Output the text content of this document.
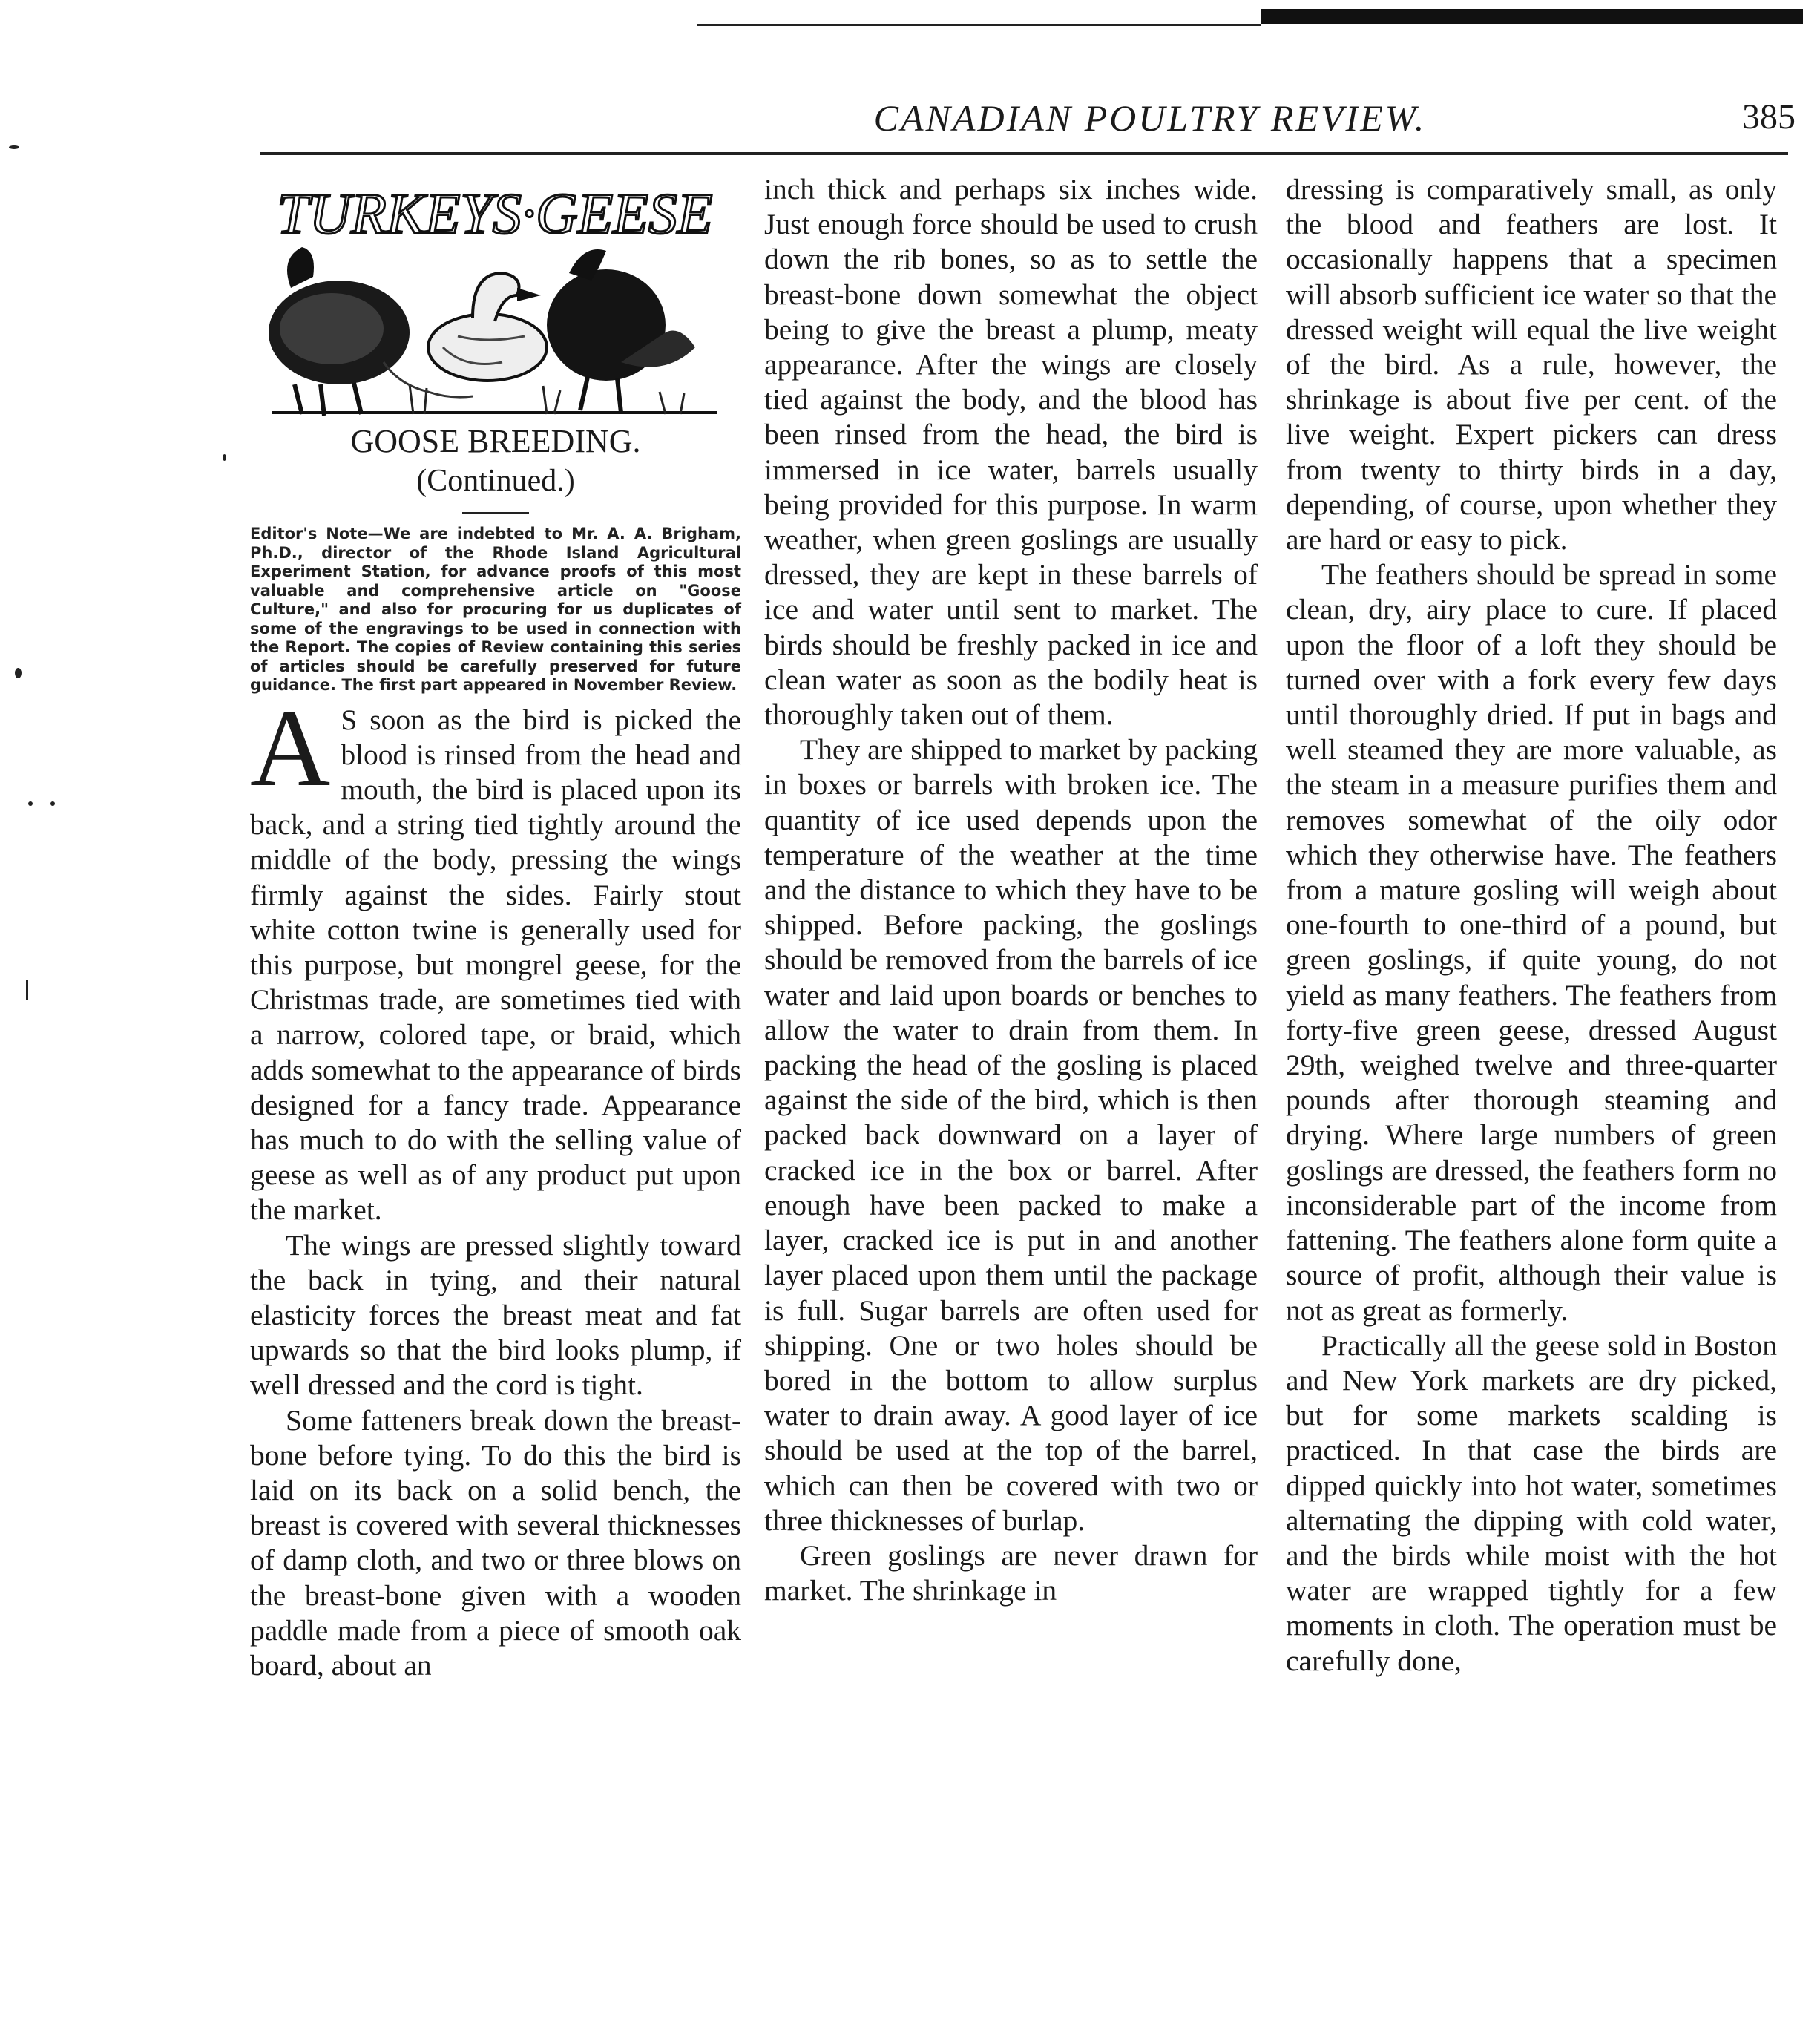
CANADIAN POULTRY REVIEW.	385
TURKEYS·GEESE
GOOSE BREEDING.
(Continued.)
Editor's Note—We are indebted to Mr. A. A. Brigham, Ph.D., director of the Rhode Island Agricultural Experiment Station, for advance proofs of this most valuable and comprehensive article on "Goose Culture," and also for procuring for us duplicates of some of the engravings to be used in connection with the Report. The copies of Review containing this series of articles should be carefully preserved for future guidance. The first part appeared in November Review.

A S soon as the bird is picked the blood is rinsed from the head and mouth, the bird is placed upon its back, and a string tied tightly around the middle of the body, pressing the wings firmly against the sides. Fairly stout white cotton twine is generally used for this purpose, but mongrel geese, for the Christmas trade, are sometimes tied with a narrow, colored tape, or braid, which adds somewhat to the appearance of birds designed for a fancy trade. Appearance has much to do with the selling value of geese as well as of any product put upon the market.

The wings are pressed slightly toward the back in tying, and their natural elasticity forces the breast meat and fat upwards so that the bird looks plump, if well dressed and the cord is tight.

Some fatteners break down the breast-bone before tying. To do this the bird is laid on its back on a solid bench, the breast is covered with several thicknesses of damp cloth, and two or three blows on the breast-bone given with a wooden paddle made from a piece of smooth oak board, about an

inch thick and perhaps six inches wide. Just enough force should be used to crush down the rib bones, so as to settle the breast-bone down somewhat the object being to give the breast a plump, meaty appearance. After the wings are closely tied against the body, and the blood has been rinsed from the head, the bird is immersed in ice water, barrels usually being provided for this purpose. In warm weather, when green goslings are usually dressed, they are kept in these barrels of ice and water until sent to market. The birds should be freshly packed in ice and clean water as soon as the bodily heat is thoroughly taken out of them.

They are shipped to market by packing in boxes or barrels with broken ice. The quantity of ice used depends upon the temperature of the weather at the time and the distance to which they have to be shipped. Before packing, the goslings should be removed from the barrels of ice water and laid upon boards or benches to allow the water to drain from them. In packing the head of the gosling is placed against the side of the bird, which is then packed back downward on a layer of cracked ice in the box or barrel. After enough have been packed to make a layer, cracked ice is put in and another layer placed upon them until the package is full. Sugar barrels are often used for shipping. One or two holes should be bored in the bottom to allow surplus water to drain away. A good layer of ice should be used at the top of the barrel, which can then be covered with two or three thicknesses of burlap.

Green goslings are never drawn for market. The shrinkage in

dressing is comparatively small, as only the blood and feathers are lost. It occasionally happens that a specimen will absorb sufficient ice water so that the dressed weight will equal the live weight of the bird. As a rule, however, the shrinkage is about five per cent. of the live weight. Expert pickers can dress from twenty to thirty birds in a day, depending, of course, upon whether they are hard or easy to pick.

The feathers should be spread in some clean, dry, airy place to cure. If placed upon the floor of a loft they should be turned over with a fork every few days until thoroughly dried. If put in bags and well steamed they are more valuable, as the steam in a measure purifies them and removes somewhat of the oily odor which they otherwise have. The feathers from a mature gosling will weigh about one-fourth to one-third of a pound, but green goslings, if quite young, do not yield as many feathers. The feathers from forty-five green geese, dressed August 29th, weighed twelve and three-quarter pounds after thorough steaming and drying. Where large numbers of green goslings are dressed, the feathers form no inconsiderable part of the income from fattening. The feathers alone form quite a source of profit, although their value is not as great as formerly.

Practically all the geese sold in Boston and New York markets are dry picked, but for some markets scalding is practiced. In that case the birds are dipped quickly into hot water, sometimes alternating the dipping with cold water, and the birds while moist with the hot water are wrapped tightly for a few moments in cloth. The operation must be carefully done,
